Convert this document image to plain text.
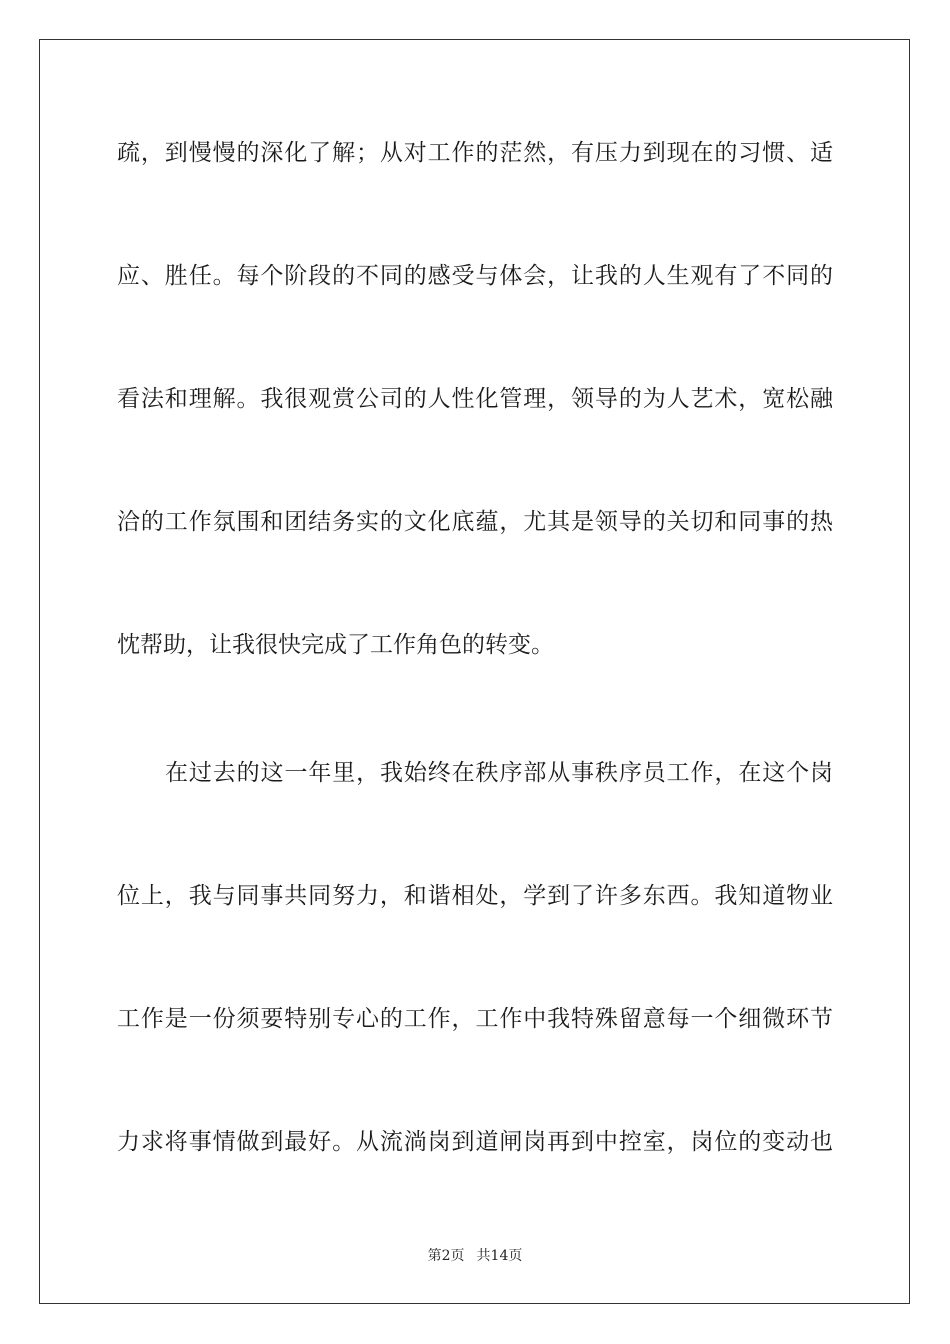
疏，到慢慢的深化了解；从对工作的茫然，有压力到现在的习惯、适
应、胜任。每个阶段的不同的感受与体会，让我的人生观有了不同的
看法和理解。我很观赏公司的人性化管理，领导的为人艺术，宽松融
洽的工作氛围和团结务实的文化底蕴，尤其是领导的关切和同事的热
忱帮助，让我很快完成了工作角色的转变。
在过去的这一年里，我始终在秩序部从事秩序员工作，在这个岗
位上，我与同事共同努力，和谐相处，学到了许多东西。我知道物业
工作是一份须要特别专心的工作，工作中我特殊留意每一个细微环节
力求将事情做到最好。从流淌岗到道闸岗再到中控室，岗位的变动也
第2页 共14页
